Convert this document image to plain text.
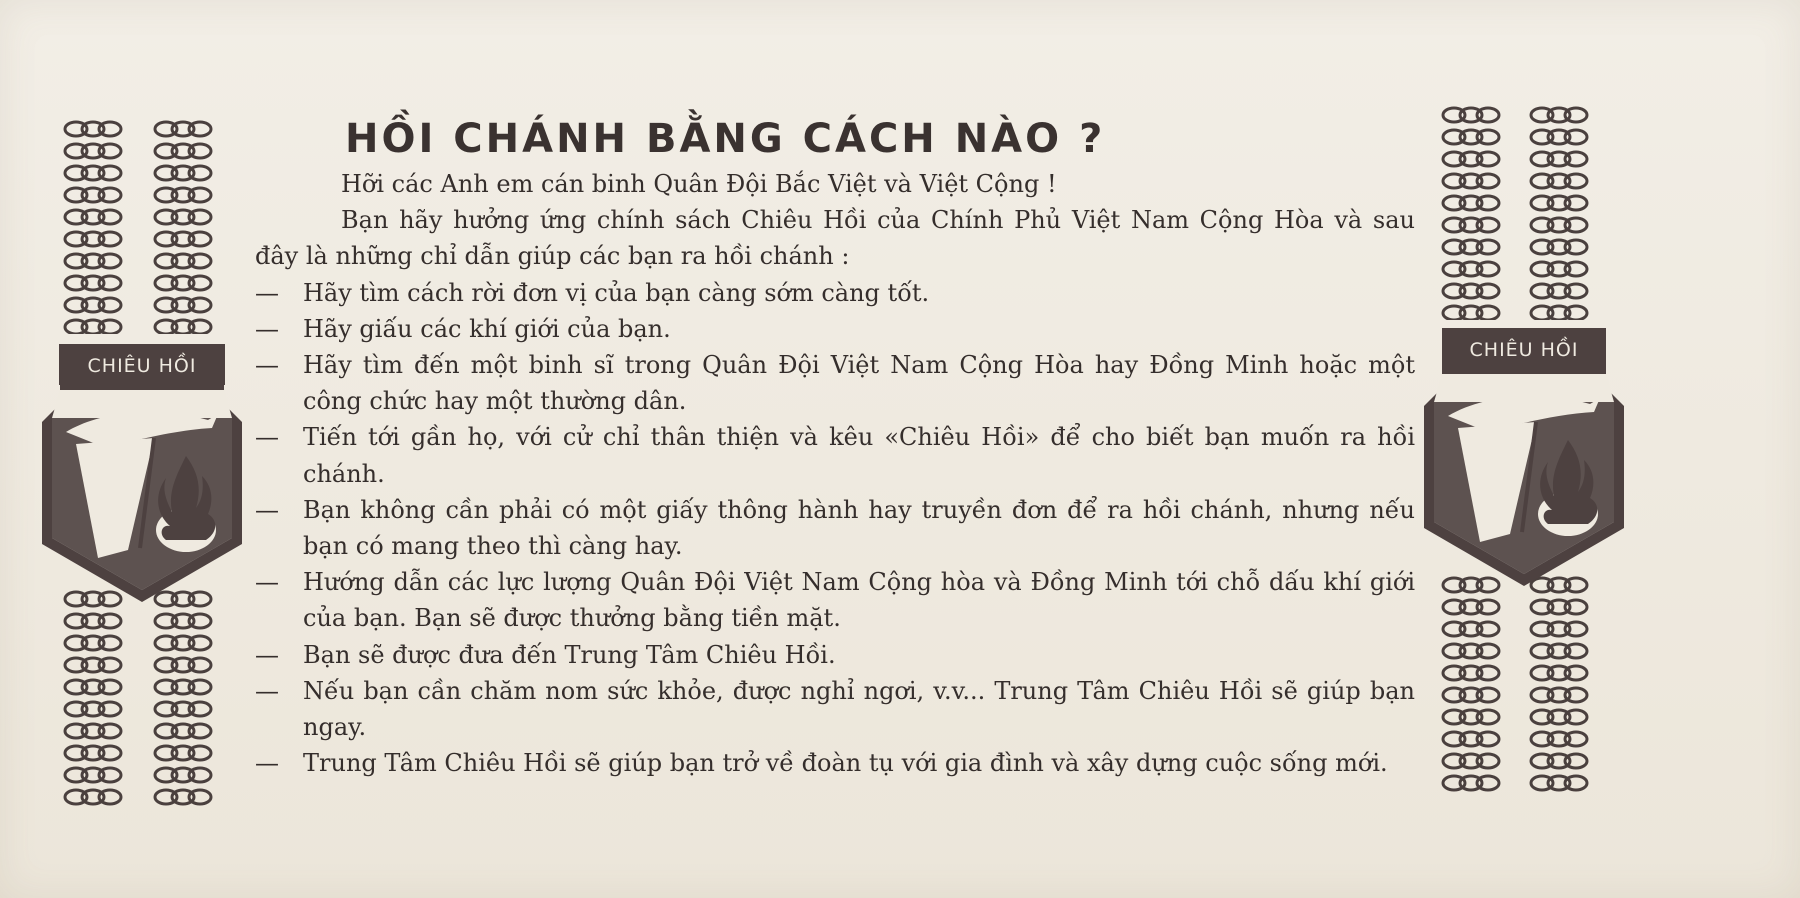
CHIÊU HỒI
CHIÊU HỒI
HỒI CHÁNH BẰNG CÁCH NÀO ?

Hỡi các Anh em cán binh Quân Đội Bắc Việt và Việt Cộng !

Bạn hãy hưởng ứng chính sách Chiêu Hồi của Chính Phủ Việt Nam Cộng Hòa và sau đây là những chỉ dẫn giúp các bạn ra hồi chánh :

— Hãy tìm cách rời đơn vị của bạn càng sớm càng tốt.

— Hãy giấu các khí giới của bạn.

— Hãy tìm đến một binh sĩ trong Quân Đội Việt Nam Cộng Hòa hay Đồng Minh hoặc một công chức hay một thường dân.

— Tiến tới gần họ, với cử chỉ thân thiện và kêu «Chiêu Hồi» để cho biết bạn muốn ra hồi chánh.

— Bạn không cần phải có một giấy thông hành hay truyền đơn để ra hồi chánh, nhưng nếu bạn có mang theo thì càng hay.

— Hướng dẫn các lực lượng Quân Đội Việt Nam Cộng hòa và Đồng Minh tới chỗ dấu khí giới của bạn. Bạn sẽ được thưởng bằng tiền mặt.

— Bạn sẽ được đưa đến Trung Tâm Chiêu Hồi.

— Nếu bạn cần chăm nom sức khỏe, được nghỉ ngơi, v.v... Trung Tâm Chiêu Hồi sẽ giúp bạn ngay.

— Trung Tâm Chiêu Hồi sẽ giúp bạn trở về đoàn tụ với gia đình và xây dựng cuộc sống mới.
